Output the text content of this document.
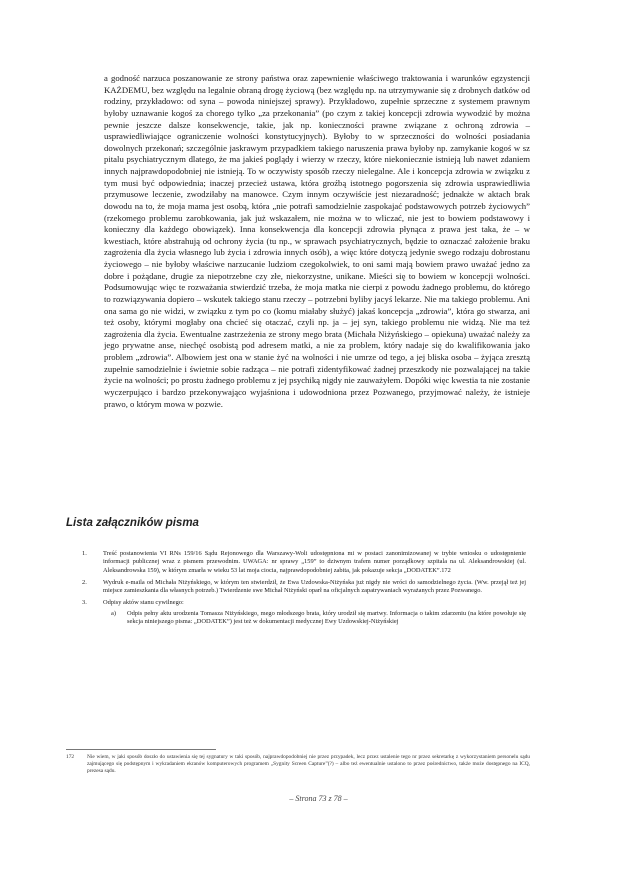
a godność narzuca poszanowanie ze strony państwa oraz zapewnienie właściwego traktowania i warunków egzystencji KAŻDEMU, bez względu na legalnie obraną drogę życiową (bez względu np. na utrzymywanie się z drobnych datków od rodziny, przykładowo: od syna – powoda niniejszej sprawy). Przykładowo, zupełnie sprzeczne z systemem prawnym byłoby uznawanie kogoś za chorego tylko „za przekonania” (po czym z takiej koncepcji zdrowia wywodzić by można pewnie jeszcze dalsze konsekwencje, takie, jak np. konieczności prawne związane z ochroną zdrowia – usprawiedliwiające ograniczenie wolności konstytucyjnych). Byłoby to w sprzeczności do wolności posiadania dowolnych przekonań; szczególnie jaskrawym przypadkiem takiego naruszenia prawa byłoby np. zamykanie kogoś w sz pitalu psychiatrycznym dlatego, że ma jakieś poglądy i wierzy w rzeczy, które niekoniecznie istnieją lub nawet zdaniem innych najprawdopodobniej nie istnieją. To w oczywisty sposób rzeczy nielegalne. Ale i koncepcja zdrowia w związku z tym musi być odpowiednia; inaczej przecież ustawa, która groźbą istotnego pogorszenia się zdrowia usprawiedliwia przymusowe leczenie, zwodziłaby na manowce. Czym innym oczywiście jest niezaradność; jednakże w aktach brak dowodu na to, że moja mama jest osobą, która „nie potrafi samodzielnie zaspokajać podstawowych potrzeb życiowych” (rzekomego problemu zarobkowania, jak już wskazałem, nie można w to wliczać, nie jest to bowiem podstawowy i konieczny dla każdego obowiązek). Inna konsekwencja dla koncepcji zdrowia płynąca z prawa jest taka, że – w kwestiach, które abstrahują od ochrony życia (tu np., w sprawach psychiatrycznych, będzie to oznaczać założenie braku zagrożenia dla życia własnego lub życia i zdrowia innych osób), a więc które dotyczą jedynie swego rodzaju dobrostanu życiowego – nie byłoby właściwe narzucanie ludziom czegokolwiek, to oni sami mają bowiem prawo uważać jedno za dobre i pożądane, drugie za niepotrzebne czy złe, niekorzystne, unikane. Mieści się to bowiem w koncepcji wolności. Podsumowując więc te rozważania stwierdzić trzeba, że moja matka nie cierpi z powodu żadnego problemu, do którego to rozwiązywania dopiero – wskutek takiego stanu rzeczy – potrzebni byliby jacyś lekarze. Nie ma takiego problemu. Ani ona sama go nie widzi, w związku z tym po co (komu miałaby służyć) jakaś koncepcja „zdrowia”, która go stwarza, ani też osoby, którymi mogłaby ona chcieć się otaczać, czyli np. ja – jej syn, takiego problemu nie widzą. Nie ma też zagrożenia dla życia. Ewentualne zastrzeżenia ze strony mego brata (Michała Niżyńskiego – opiekuna) uważać należy za jego prywatne anse, niechęć osobistą pod adresem matki, a nie za problem, który nadaje się do kwalifikowania jako problem „zdrowia”. Albowiem jest ona w stanie żyć na wolności i nie umrze od tego, a jej bliska osoba – żyjąca zresztą zupełnie samodzielnie i świetnie sobie radząca – nie potrafi zidentyfikować żadnej przeszkody nie pozwalającej na takie życie na wolności; po prostu żadnego problemu z jej psychiką nigdy nie zauważyłem. Dopóki więc kwestia ta nie zostanie wyczerpująco i bardzo przekonywająco wyjaśniona i udowodniona przez Pozwanego, przyjmować należy, że istnieje prawo, o którym mowa w pozwie.

Lista załączników pisma
1.	Treść postanowienia VI RNs 159/16 Sądu Rejonowego dla Warszawy-Woli udostępniona mi w postaci zanonimizowanej w trybie wniosku o udostępnienie informacji publicznej wraz z pismem przewodnim. UWAGA: nr sprawy „159” to dziwnym trafem numer porządkowy szpitala na ul. Aleksandrowskiej (ul. Aleksandrowska 159), w którym zmarła w wieku 53 lat moja ciocia, najprawdopodobniej zabita, jak pokazuje sekcja „DODATEK”.172
2.	Wydruk e-maila od Michała Niżyńskiego, w którym ten stwierdził, że Ewa Uzdowska-Niżyńska już nigdy nie wróci do samodzielnego życia. (Ww. przejął też jej miejsce zamieszkania dla własnych potrzeb.) Twierdzenie swe Michał Niżyński oparł na oficjalnych zapatrywaniach wyrażanych przez Pozwanego.
3.	Odpisy aktów stanu cywilnego:
a) Odpis pełny aktu urodzenia Tomasza Niżyńskiego, mego młodszego brata, który urodził się martwy. Informacja o takim zdarzeniu (na które powołuje się sekcja niniejszego pisma: „DODATEK”) jest też w dokumentacji medycznej Ewy Uzdowskiej-Niżyńskiej
172	Nie wiem, w jaki sposób doszło do ustawienia się tej sygnatury w taki sposób, najprawdopodobniej nie przez przypadek, lecz przez ustalenie tego nr przez sekretarkę z wykorzystaniem personelu sądu zajmującego się podstępnym i wykradaniem ekranów komputerowych programem „Sygnity Screen Capture”(?) – albo też ewentualnie ustalono to przez pośrednictwo, także może dostępnego na ICQ, prezesa sądu.
– Strona 73 z 78 –
